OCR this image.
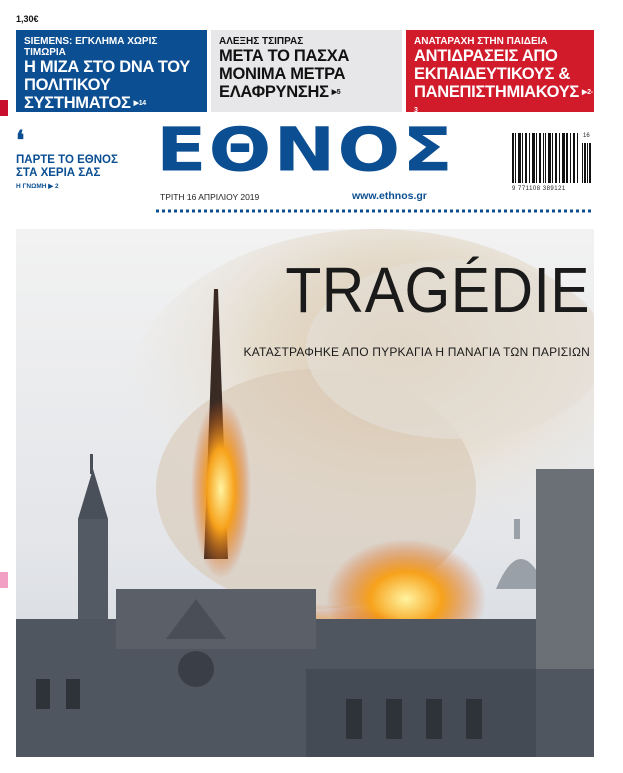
1,30€
SIEMENS: ΕΓΚΛΗΜΑ ΧΩΡΙΣ ΤΙΜΩΡΙΑ
Η ΜΙΖΑ ΣΤΟ DNA ΤΟΥ ΠΟΛΙΤΙΚΟΥ ΣΥΣΤΗΜΑΤΟΣ ▶14
ΑΛΕΞΗΣ ΤΣΙΠΡΑΣ
ΜΕΤΑ ΤΟ ΠΑΣΧΑ ΜΟΝΙΜΑ ΜΕΤΡΑ ΕΛΑΦΡΥΝΣΗΣ ▶5
ΑΝΑΤΑΡΑΧΗ ΣΤΗΝ ΠΑΙΔΕΙΑ
ΑΝΤΙΔΡΑΣΕΙΣ ΑΠΟ ΕΚΠΑΙΔΕΥΤΙΚΟΥΣ & ΠΑΝΕΠΙΣΤΗΜΙΑΚΟΥΣ ▶2-3
❛
ΠΑΡΤΕ ΤΟ ΕΘΝΟΣ ΣΤΑ ΧΕΡΙΑ ΣΑΣ
Η ΓΝΩΜΗ ▶ 2
ΕΘΝΟΣ
ΤΡΙΤΗ 16 ΑΠΡΙΛΙΟΥ 2019	www.ethnos.gr
9 771108 389121
16
TRAGÉDIE
ΚΑΤΑΣΤΡΑΦΗΚΕ ΑΠΟ ΠΥΡΚΑΓΙΑ Η ΠΑΝΑΓΙΑ ΤΩΝ ΠΑΡΙΣΙΩΝ
